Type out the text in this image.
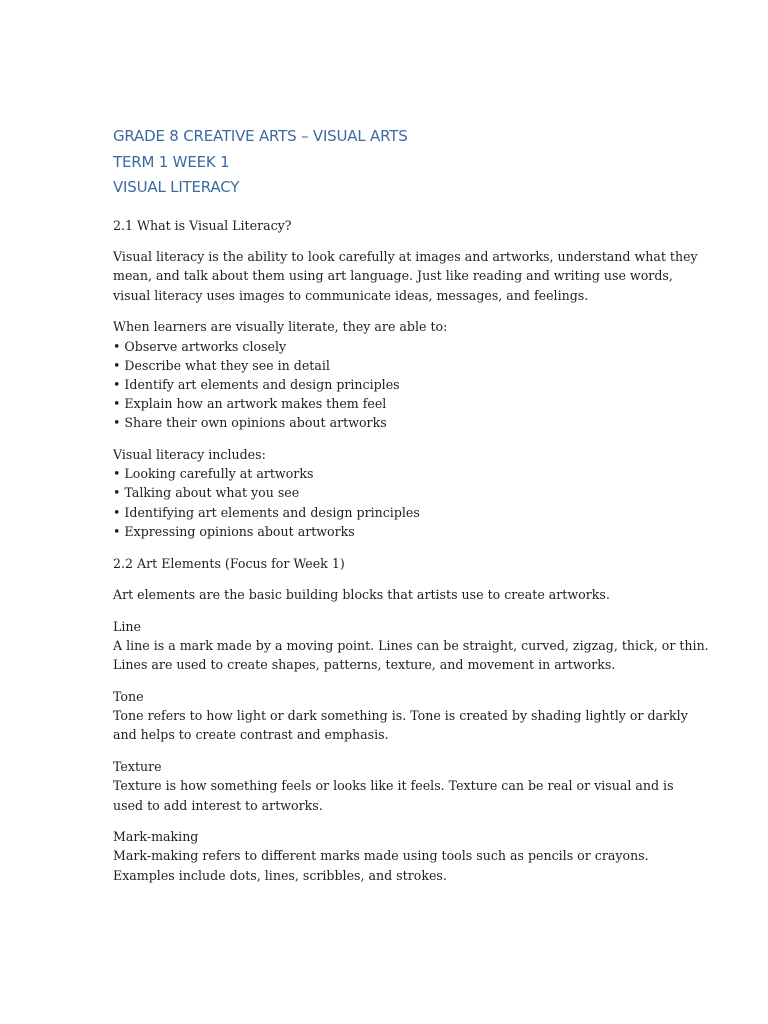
GRADE 8 CREATIVE ARTS – VISUAL ARTS
TERM 1 WEEK 1
VISUAL LITERACY

2.1 What is Visual Literacy?

Visual literacy is the ability to look carefully at images and artworks, understand what they
mean, and talk about them using art language. Just like reading and writing use words,
visual literacy uses images to communicate ideas, messages, and feelings.

When learners are visually literate, they are able to:
• Observe artworks closely
• Describe what they see in detail
• Identify art elements and design principles
• Explain how an artwork makes them feel
• Share their own opinions about artworks

Visual literacy includes:
• Looking carefully at artworks
• Talking about what you see
• Identifying art elements and design principles
• Expressing opinions about artworks

2.2 Art Elements (Focus for Week 1)

Art elements are the basic building blocks that artists use to create artworks.

Line
A line is a mark made by a moving point. Lines can be straight, curved, zigzag, thick, or thin.
Lines are used to create shapes, patterns, texture, and movement in artworks.

Tone
Tone refers to how light or dark something is. Tone is created by shading lightly or darkly
and helps to create contrast and emphasis.

Texture
Texture is how something feels or looks like it feels. Texture can be real or visual and is
used to add interest to artworks.

Mark-making
Mark-making refers to different marks made using tools such as pencils or crayons.
Examples include dots, lines, scribbles, and strokes.
